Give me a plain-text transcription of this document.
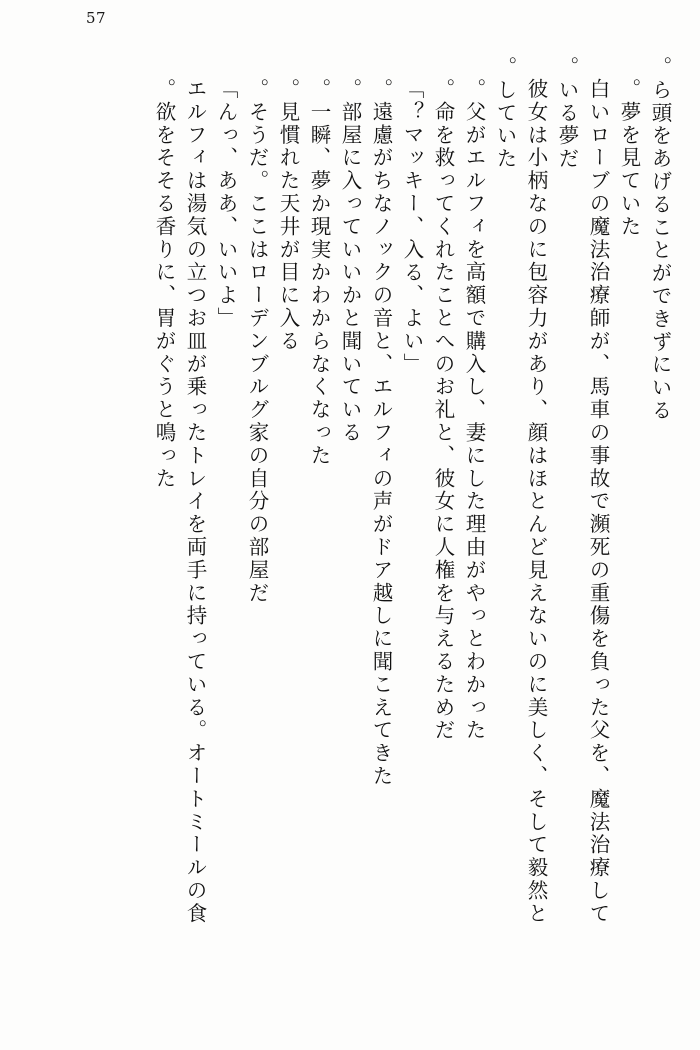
57
ら頭をあげることができずにいる。
夢を見ていた。
白いローブの魔法治療師が、馬車の事故で瀕死の重傷を負った父を、魔法治療して
いる夢だ。
彼女は小柄なのに包容力があり、顔はほとんど見えないのに美しく、そして毅然と
していた。
父がエルフィを高額で購入し、妻にした理由がやっとわかった。
命を救ってくれたことへのお礼と、彼女に人権を与えるためだ。
「マッキー、入る、よい？」
遠慮がちなノックの音と、エルフィの声がドア越しに聞こえてきた。
部屋に入っていいかと聞いている。
一瞬、夢か現実かわからなくなった。
見慣れた天井が目に入る。
そうだ。ここはローデンブルグ家の自分の部屋だ。
「んっ、ああ、いいよ」
エルフィは湯気の立つお皿が乗ったトレイを両手に持っている。オートミールの食
欲をそそる香りに、胃がぐうと鳴った。
